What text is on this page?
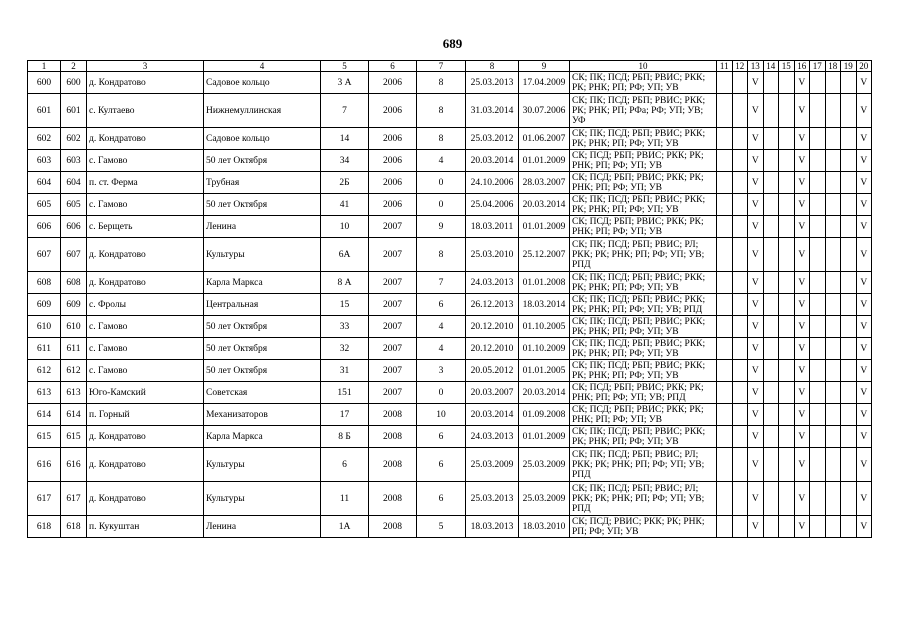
689
1	2	3	4	5	6	7	8	9	10	11	12	13	14	15	16	17	18	19	20
600	600	д. Кондратово	Садовое кольцо	3 А	2006	8	25.03.2013	17.04.2009	СК; ПК; ПСД; РБП; РВИС; РКК; РК; РНК; РП; РФ; УП; УВ			V			V				V
601	601	с. Култаево	Нижнемуллинская	7	2006	8	31.03.2014	30.07.2006	СК; ПК; ПСД; РБП; РВИС; РКК; РК; РНК; РП; РФа; РФ; УП; УВ; УФ			V			V				V
602	602	д. Кондратово	Садовое кольцо	14	2006	8	25.03.2012	01.06.2007	СК; ПК; ПСД; РБП; РВИС; РКК; РК; РНК; РП; РФ; УП; УВ			V			V				V
603	603	с. Гамово	50 лет Октября	34	2006	4	20.03.2014	01.01.2009	СК; ПСД; РБП; РВИС; РКК; РК; РНК; РП; РФ; УП; УВ			V			V				V
604	604	п. ст. Ферма	Трубная	2Б	2006	0	24.10.2006	28.03.2007	СК; ПСД; РБП; РВИС; РКК; РК; РНК; РП; РФ; УП; УВ			V			V				V
605	605	с. Гамово	50 лет Октября	41	2006	0	25.04.2006	20.03.2014	СК; ПК; ПСД; РБП; РВИС; РКК; РК; РНК; РП; РФ; УП; УВ			V			V				V
606	606	с. Берщеть	Ленина	10	2007	9	18.03.2011	01.01.2009	СК; ПСД; РБП; РВИС; РКК; РК; РНК; РП; РФ; УП; УВ			V			V				V
607	607	д. Кондратово	Культуры	6А	2007	8	25.03.2010	25.12.2007	СК; ПК; ПСД; РБП; РВИС; РЛ; РКК; РК; РНК; РП; РФ; УП; УВ; РПД			V			V				V
608	608	д. Кондратово	Карла Маркса	8 А	2007	7	24.03.2013	01.01.2008	СК; ПК; ПСД; РБП; РВИС; РКК; РК; РНК; РП; РФ; УП; УВ			V			V				V
609	609	с. Фролы	Центральная	15	2007	6	26.12.2013	18.03.2014	СК; ПК; ПСД; РБП; РВИС; РКК; РК; РНК; РП; РФ; УП; УВ; РПД			V			V				V
610	610	с. Гамово	50 лет Октября	33	2007	4	20.12.2010	01.10.2005	СК; ПК; ПСД; РБП; РВИС; РКК; РК; РНК; РП; РФ; УП; УВ			V			V				V
611	611	с. Гамово	50 лет Октября	32	2007	4	20.12.2010	01.10.2009	СК; ПК; ПСД; РБП; РВИС; РКК; РК; РНК; РП; РФ; УП; УВ			V			V				V
612	612	с. Гамово	50 лет Октября	31	2007	3	20.05.2012	01.01.2005	СК; ПК; ПСД; РБП; РВИС; РКК; РК; РНК; РП; РФ; УП; УВ			V			V				V
613	613	Юго-Камский	Советская	151	2007	0	20.03.2007	20.03.2014	СК; ПСД; РБП; РВИС; РКК; РК; РНК; РП; РФ; УП; УВ; РПД			V			V				V
614	614	п. Горный	Механизаторов	17	2008	10	20.03.2014	01.09.2008	СК; ПСД; РБП; РВИС; РКК; РК; РНК; РП; РФ; УП; УВ			V			V				V
615	615	д. Кондратово	Карла Маркса	8 Б	2008	6	24.03.2013	01.01.2009	СК; ПК; ПСД; РБП; РВИС; РКК; РК; РНК; РП; РФ; УП; УВ			V			V				V
616	616	д. Кондратово	Культуры	6	2008	6	25.03.2009	25.03.2009	СК; ПК; ПСД; РБП; РВИС; РЛ; РКК; РК; РНК; РП; РФ; УП; УВ; РПД			V			V				V
617	617	д. Кондратово	Культуры	11	2008	6	25.03.2013	25.03.2009	СК; ПК; ПСД; РБП; РВИС; РЛ; РКК; РК; РНК; РП; РФ; УП; УВ; РПД			V			V				V
618	618	п. Кукуштан	Ленина	1А	2008	5	18.03.2013	18.03.2010	СК; ПСД; РВИС; РКК; РК; РНК; РП; РФ; УП; УВ			V			V				V
